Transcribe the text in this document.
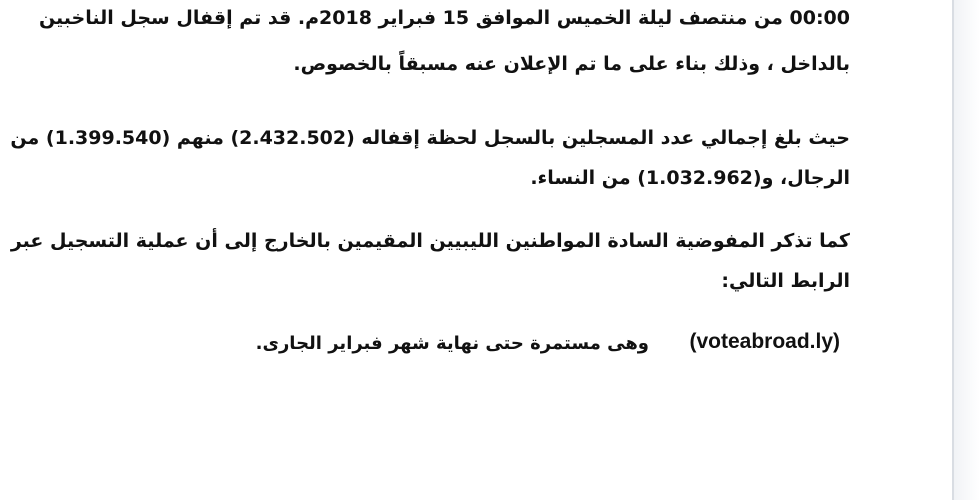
00:00 من منتصف ليلة الخميس الموافق 15 فبراير 2018م. قد تم إقفال سجل الناخبين
بالداخل ، وذلك بناء على ما تم الإعلان عنه مسبقاً بالخصوص.
حيث بلغ إجمالي عدد المسجلين بالسجل لحظة إقفاله (2.432.502) منهم (1.399.540) من
الرجال، و(1.032.962) من النساء.
كما تذكر المفوضية السادة المواطنين الليبيين المقيمين بالخارج إلى أن عملية التسجيل عبر
الرابط التالي:
(voteabroad.ly)
وهى مستمرة حتى نهاية شهر فبراير الجارى.
